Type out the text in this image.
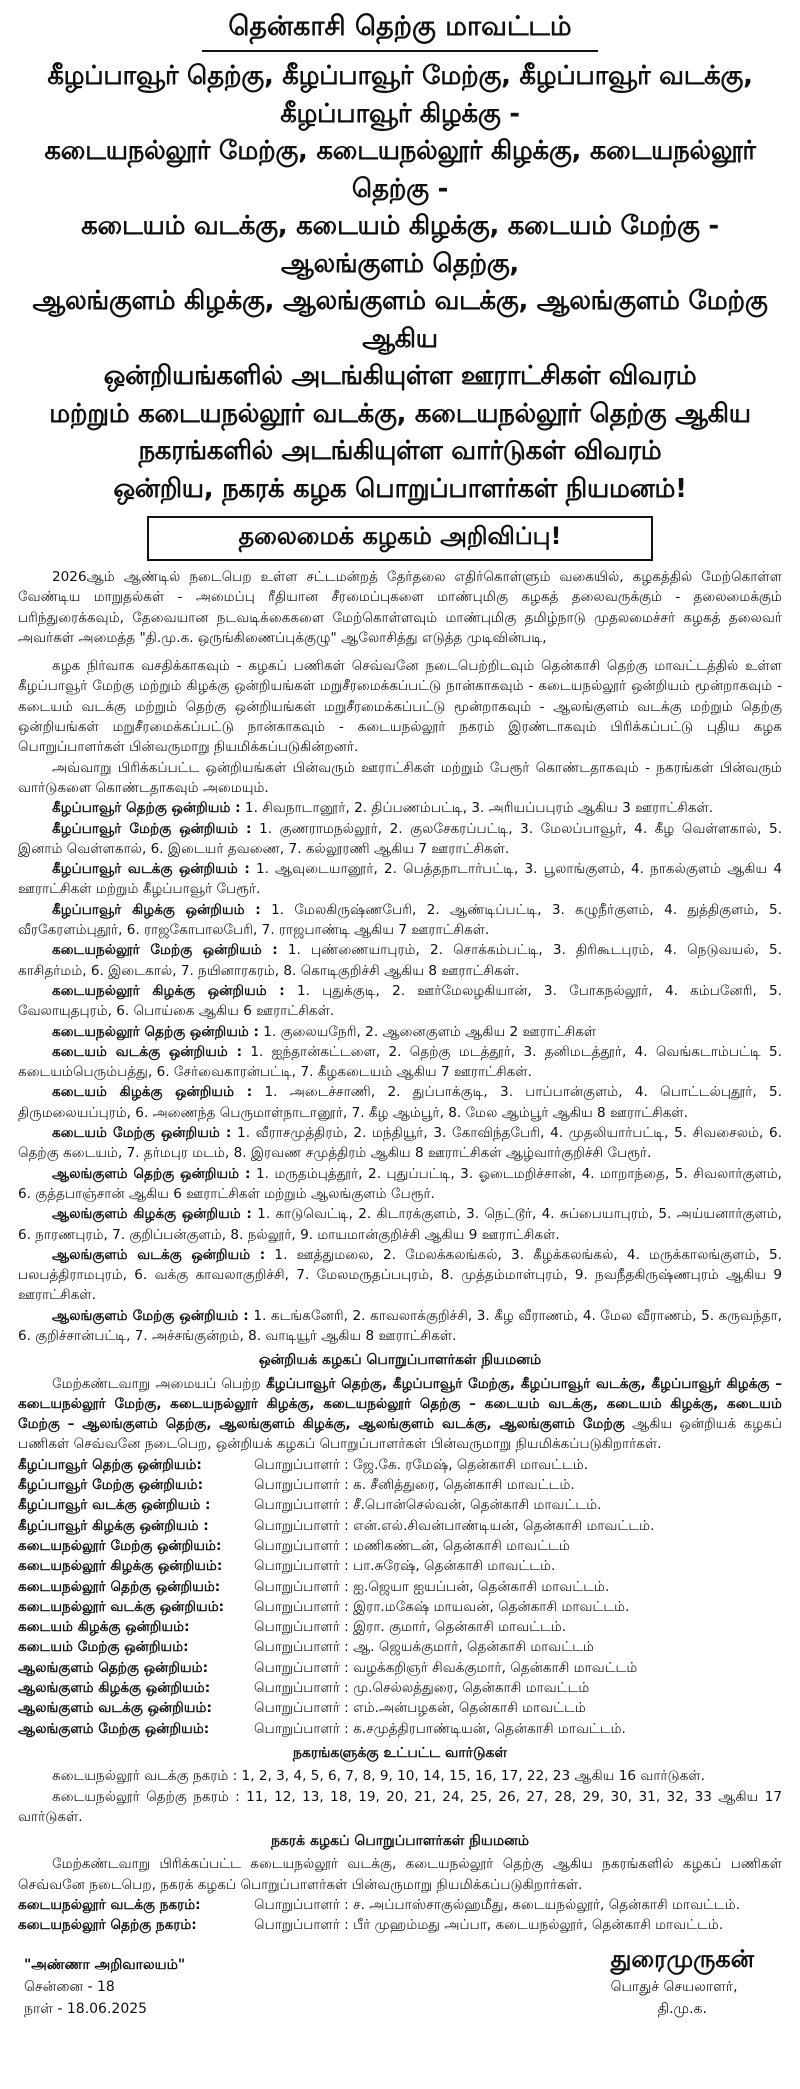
தென்காசி தெற்கு மாவட்டம்
கீழப்பாவூர் தெற்கு, கீழப்பாவூர் மேற்கு, கீழப்பாவூர் வடக்கு, கீழப்பாவூர் கிழக்கு -
கடையநல்லூர் மேற்கு, கடையநல்லூர் கிழக்கு, கடையநல்லூர் தெற்கு -
கடையம் வடக்கு, கடையம் கிழக்கு, கடையம் மேற்கு - ஆலங்குளம் தெற்கு,
ஆலங்குளம் கிழக்கு, ஆலங்குளம் வடக்கு, ஆலங்குளம் மேற்கு ஆகிய
ஒன்றியங்களில் அடங்கியுள்ள ஊராட்சிகள் விவரம்
மற்றும் கடையநல்லூர் வடக்கு, கடையநல்லூர் தெற்கு ஆகிய
நகரங்களில் அடங்கியுள்ள வார்டுகள் விவரம்
ஒன்றிய, நகரக் கழக பொறுப்பாளர்கள் நியமனம்!
தலைமைக் கழகம் அறிவிப்பு!

2026ஆம் ஆண்டில் நடைபெற உள்ள சட்டமன்றத் தேர்தலை எதிர்கொள்ளும் வகையில், கழகத்தில் மேற்கொள்ள வேண்டிய மாறுதல்கள் - அமைப்பு ரீதியான சீரமைப்புகளை மாண்புமிகு கழகத் தலைவருக்கும் - தலைமைக்கும் பரிந்துரைக்கவும், தேவையான நடவடிக்கைகளை மேற்கொள்ளவும் மாண்புமிகு தமிழ்நாடு முதலமைச்சர் கழகத் தலைவர் அவர்கள் அமைத்த "தி.மு.க. ஒருங்கிணைப்புக்குழு" ஆலோசித்து எடுத்த முடிவின்படி,

கழக நிர்வாக வசதிக்காகவும் - கழகப் பணிகள் செவ்வனே நடைபெற்றிடவும் தென்காசி தெற்கு மாவட்டத்தில் உள்ள கீழப்பாவூர் மேற்கு மற்றும் கிழக்கு ஒன்றியங்கள் மறுசீரமைக்கப்பட்டு நான்காகவும் - கடையநல்லூர் ஒன்றியம் மூன்றாகவும் - கடையம் வடக்கு மற்றும் தெற்கு ஒன்றியங்கள் மறுசீரமைக்கப்பட்டு மூன்றாகவும் - ஆலங்குளம் வடக்கு மற்றும் தெற்கு ஒன்றியங்கள் மறுசீரமைக்கப்பட்டு நான்காகவும் - கடையநல்லூர் நகரம் இரண்டாகவும் பிரிக்கப்பட்டு புதிய கழக பொறுப்பாளர்கள் பின்வருமாறு நியமிக்கப்படுகின்றனர்.

அவ்வாறு பிரிக்கப்பட்ட ஒன்றியங்கள் பின்வரும் ஊராட்சிகள் மற்றும் பேரூர் கொண்டதாகவும் - நகரங்கள் பின்வரும் வார்டுகளை கொண்டதாகவும் அமையும்.

கீழப்பாவூர் தெற்கு ஒன்றியம் : 1. சிவநாடானூர், 2. திப்பணம்பட்டி, 3. அரியப்பபுரம் ஆகிய 3 ஊராட்சிகள்.

கீழப்பாவூர் மேற்கு ஒன்றியம் : 1. குணராமநல்லூர், 2. குலசேகரப்பட்டி, 3. மேலப்பாவூர், 4. கீழ வெள்ளகால், 5. இனாம் வெள்ளகால், 6. இடையர் தவணை, 7. கல்லூரணி ஆகிய 7 ஊராட்சிகள்.

கீழப்பாவூர் வடக்கு ஒன்றியம் : 1. ஆவுடையானூர், 2. பெத்தநாடார்பட்டி, 3. பூலாங்குளம், 4. நாகல்குளம் ஆகிய 4 ஊராட்சிகள் மற்றும் கீழப்பாவூர் பேரூர்.

கீழப்பாவூர் கிழக்கு ஒன்றியம் : 1. மேலகிருஷ்ணபேரி, 2. ஆண்டிப்பட்டி, 3. கழுநீர்குளம், 4. துத்திகுளம், 5. வீரகேரளம்புதூர், 6. ராஜகோபாலபேரி, 7. ராஜபாண்டி ஆகிய 7 ஊராட்சிகள்.

கடையநல்லூர் மேற்கு ஒன்றியம் : 1. புண்ணையாபுரம், 2. சொக்கம்பட்டி, 3. திரிகூடபுரம், 4. நெடுவயல், 5. காசிதர்மம், 6. இடைகால், 7. நயினாரகரம், 8. கொடிகுறிச்சி ஆகிய 8 ஊராட்சிகள்.

கடையநல்லூர் கிழக்கு ஒன்றியம் : 1. புதுக்குடி, 2. ஊர்மேலழகியான், 3. போகநல்லூர், 4. கம்பனேரி, 5. வேலாயுதபுரம், 6. பொய்கை ஆகிய 6 ஊராட்சிகள்.

கடையநல்லூர் தெற்கு ஒன்றியம் : 1. குலையநேரி, 2. ஆனைகுளம் ஆகிய 2 ஊராட்சிகள்

கடையம் வடக்கு ஒன்றியம் : 1. ஐந்தான்கட்டளை, 2. தெற்கு மடத்தூர், 3. தனிமடத்தூர், 4. வெங்கடாம்பட்டி 5. கடையம்பெரும்பத்து, 6. சேர்வைகாரன்பட்டி, 7. கீழகடையம் ஆகிய 7 ஊராட்சிகள்.

கடையம் கிழக்கு ஒன்றியம் : 1. அடைச்சாணி, 2. துப்பாக்குடி, 3. பாப்பான்குளம், 4. பொட்டல்புதூர், 5. திருமலையப்புரம், 6. அணைந்த பெருமாள்நாடானூர், 7. கீழ ஆம்பூர், 8. மேல ஆம்பூர் ஆகிய 8 ஊராட்சிகள்.

கடையம் மேற்கு ஒன்றியம் : 1. வீராசமுத்திரம், 2. மந்தியூர், 3. கோவிந்தபேரி, 4. முதலியார்பட்டி, 5. சிவசைலம், 6. தெற்கு கடையம், 7. தர்மபுர மடம், 8. இரவண சமுத்திரம் ஆகிய 8 ஊராட்சிகள் ஆழ்வார்குறிச்சி பேரூர்.

ஆலங்குளம் தெற்கு ஒன்றியம் : 1. மருதம்புத்தூர், 2. புதுப்பட்டி, 3. ஓடைமறிச்சான், 4. மாறாந்தை, 5. சிவலார்குளம், 6. குத்தபாஞ்சான் ஆகிய 6 ஊராட்சிகள் மற்றும் ஆலங்குளம் பேரூர்.

ஆலங்குளம் கிழக்கு ஒன்றியம் : 1. காடுவெட்டி, 2. கிடாரக்குளம், 3. நெட்டூர், 4. சுப்பையாபுரம், 5. அய்யனார்குளம், 6. நாரணபுரம், 7. குறிப்பன்குளம், 8. நல்லூர், 9. மாயமான்குறிச்சி ஆகிய 9 ஊராட்சிகள்.

ஆலங்குளம் வடக்கு ஒன்றியம் : 1. ஊத்துமலை, 2. மேலக்கலங்கல், 3. கீழக்கலங்கல், 4. மருக்காலங்குளம், 5. பலபத்திராமபுரம், 6. வக்கு காவலாகுறிச்சி, 7. மேலமருதப்பபுரம், 8. முத்தம்மாள்புரம், 9. நவநீதகிருஷ்ணபுரம் ஆகிய 9 ஊராட்சிகள்.

ஆலங்குளம் மேற்கு ஒன்றியம் : 1. கடங்கனேரி, 2. காவலாக்குறிச்சி, 3. கீழ வீராணம், 4. மேல வீராணம், 5. கருவந்தா, 6. குறிச்சான்பட்டி, 7. அச்சங்குன்றம், 8. வாடியூர் ஆகிய 8 ஊராட்சிகள்.

ஒன்றியக் கழகப் பொறுப்பாளர்கள் நியமனம்

மேற்கண்டவாறு அமையப் பெற்ற கீழப்பாவூர் தெற்கு, கீழப்பாவூர் மேற்கு, கீழப்பாவூர் வடக்கு, கீழப்பாவூர் கிழக்கு – கடையநல்லூர் மேற்கு, கடையநல்லூர் கிழக்கு, கடையநல்லூர் தெற்கு – கடையம் வடக்கு, கடையம் கிழக்கு, கடையம் மேற்கு – ஆலங்குளம் தெற்கு, ஆலங்குளம் கிழக்கு, ஆலங்குளம் வடக்கு, ஆலங்குளம் மேற்கு ஆகிய ஒன்றியக் கழகப் பணிகள் செவ்வனே நடைபெற, ஒன்றியக் கழகப் பொறுப்பாளர்கள் பின்வருமாறு நியமிக்கப்படுகிறார்கள்.

கீழப்பாவூர் தெற்கு ஒன்றியம்:	பொறுப்பாளர் : ஜே.கே. ரமேஷ், தென்காசி மாவட்டம்.
கீழப்பாவூர் மேற்கு ஒன்றியம்:	பொறுப்பாளர் : க. சீனித்துரை, தென்காசி மாவட்டம்.
கீழப்பாவூர் வடக்கு ஒன்றியம் :	பொறுப்பாளர் : சீ.பொன்செல்வன், தென்காசி மாவட்டம்.
கீழப்பாவூர் கிழக்கு ஒன்றியம் :	பொறுப்பாளர் : என்.எல்.சிவன்பாண்டியன், தென்காசி மாவட்டம்.
கடையநல்லூர் மேற்கு ஒன்றியம்:	பொறுப்பாளர் : மணிகண்டன், தென்காசி மாவட்டம்
கடையநல்லூர் கிழக்கு ஒன்றியம்:	பொறுப்பாளர் : பா.சுரேஷ், தென்காசி மாவட்டம்.
கடையநல்லூர் தெற்கு ஒன்றியம்:	பொறுப்பாளர் : ஐ.ஜெயா ஐயப்பன், தென்காசி மாவட்டம்.
கடையநல்லூர் வடக்கு ஒன்றியம்:	பொறுப்பாளர் : இரா.மகேஷ் மாயவன், தென்காசி மாவட்டம்.
கடையம் கிழக்கு ஒன்றியம்:	பொறுப்பாளர் : இரா. குமார், தென்காசி மாவட்டம்.
கடையம் மேற்கு ஒன்றியம்:	பொறுப்பாளர் : ஆ. ஜெயக்குமார், தென்காசி மாவட்டம்
ஆலங்குளம் தெற்கு ஒன்றியம்:	பொறுப்பாளர் : வழக்கறிஞர் சிவக்குமார், தென்காசி மாவட்டம்
ஆலங்குளம் கிழக்கு ஒன்றியம்:	பொறுப்பாளர் : மு.செல்லத்துரை, தென்காசி மாவட்டம்
ஆலங்குளம் வடக்கு ஒன்றியம்:	பொறுப்பாளர் : எம்.அன்பழகன், தென்காசி மாவட்டம்
ஆலங்குளம் மேற்கு ஒன்றியம்:	பொறுப்பாளர் : க.சமுத்திரபாண்டியன், தென்காசி மாவட்டம்.
நகரங்களுக்கு உட்பட்ட வார்டுகள்

கடையநல்லூர் வடக்கு நகரம் : 1, 2, 3, 4, 5, 6, 7, 8, 9, 10, 14, 15, 16, 17, 22, 23 ஆகிய 16 வார்டுகள்.

கடையநல்லூர் தெற்கு நகரம் : 11, 12, 13, 18, 19, 20, 21, 24, 25, 26, 27, 28, 29, 30, 31, 32, 33 ஆகிய 17 வார்டுகள்.

நகரக் கழகப் பொறுப்பாளர்கள் நியமனம்

மேற்கண்டவாறு பிரிக்கப்பட்ட கடையநல்லூர் வடக்கு, கடையநல்லூர் தெற்கு ஆகிய நகரங்களில் கழகப் பணிகள் செவ்வனே நடைபெற, நகரக் கழகப் பொறுப்பாளர்கள் பின்வருமாறு நியமிக்கப்படுகிறார்கள்.

கடையநல்லூர் வடக்கு நகரம்:	பொறுப்பாளர் : ச. அப்பாஸ்சாகுல்ஹமீது, கடையநல்லூர், தென்காசி மாவட்டம்.
கடையநல்லூர் தெற்கு நகரம்:	பொறுப்பாளர் : பீர் முஹம்மது அப்பா, கடையநல்லூர், தென்காசி மாவட்டம்.
"அண்ணா அறிவாலயம்"
சென்னை - 18
நாள் - 18.06.2025
துரைமுருகன்
பொதுச் செயலாளர்,
தி.மு.க.
